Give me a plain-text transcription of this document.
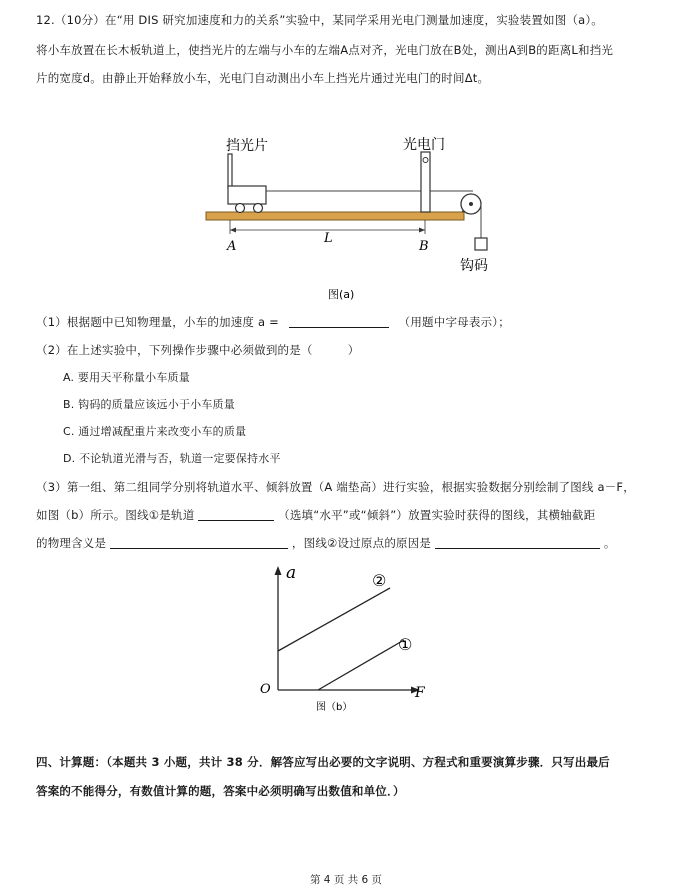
12.（10分）在“用 DIS 研究加速度和力的关系”实验中，某同学采用光电门测量加速度，实验装置如图（a）。
将小车放置在长木板轨道上，使挡光片的左端与小车的左端A点对齐，光电门放在B处，测出A到B的距离L和挡光
片的宽度d。由静止开始释放小车，光电门自动测出小车上挡光片通过光电门的时间Δt。
挡光片	光电门
A
L
B
钩码
图(a)
（1）根据题中已知物理量，小车的加速度 a =	（用题中字母表示）；
（2）在上述实验中，下列操作步骤中必须做到的是（　　　）
A. 要用天平称量小车质量
B. 钩码的质量应该远小于小车质量
C. 通过增减配重片来改变小车的质量
D. 不论轨道光滑与否，轨道一定要保持水平
（3）第一组、第二组同学分别将轨道水平、倾斜放置（A 端垫高）进行实验，根据实验数据分别绘制了图线 a－F，
如图（b）所示。图线①是轨道	（选填“水平”或“倾斜”）放置实验时获得的图线，其横轴截距
的物理含义是	，图线②设过原点的原因是	。
a
F
O
②
①
图（b）
四、计算题：（本题共 3 小题，共计 38 分．解答应写出必要的文字说明、方程式和重要演算步骤．只写出最后
答案的不能得分，有数值计算的题，答案中必须明确写出数值和单位．）
第 4 页 共 6 页
